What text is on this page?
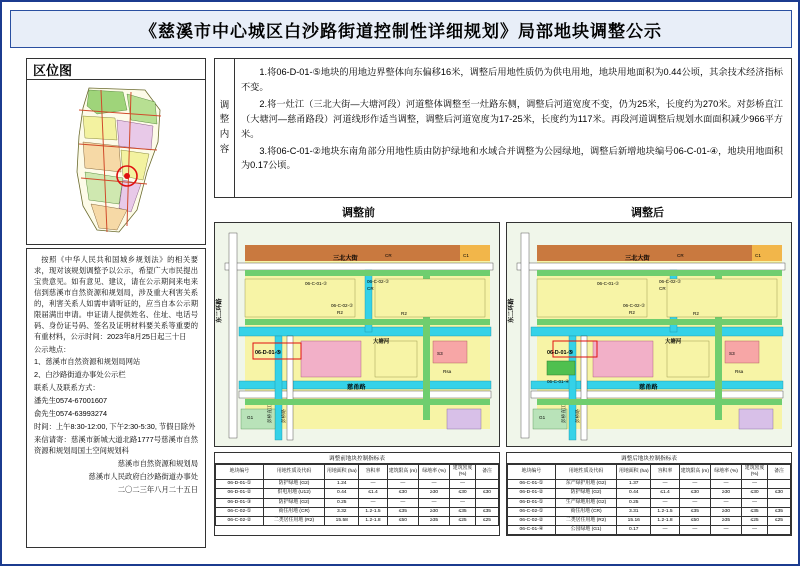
《慈溪市中心城区白沙路街道控制性详细规划》局部地块调整公示
区位图

按照《中华人民共和国城乡规划法》的相关要求，现对该规划调整予以公示，希望广大市民提出宝贵意见。如有意见、建议，请在公示期间来电来信到慈溪市自然资源和规划局，涉及重大利害关系的，利害关系人如需申请听证的，应当自本公示期限届满出申请。申证请人提供姓名、住址、电话号码、身份证号码、签名及证明材料要关系等重要的有重材料，公示时间：2023年8月25日起三十日

公示地点：

1、慈溪市自然资源和规划局网站

2、白沙路街道办事处公示栏

联系人及联系方式：

潘先生0574-67001607

俞先生0574-63993274

时间：上午8:30-12:00, 下午2:30-5:30, 节假日除外

来信请寄：慈溪市新城大道北路1777号慈溪市自然资源和规划局国土空间规划科

慈溪市自然资源和规划局

慈溪市人民政府白沙路街道办事处

二〇二三年八月二十五日

调
整
内
容

1.将06-D-01-⑤地块的用地边界整体向东偏移16米，调整后用地性质仍为供电用地，地块用地面积为0.44公顷，其余技术经济指标不变。

2.将一灶江（三北大街—大塘河段）河道整体调整至一灶路东侧，调整后河道宽度不变，仍为25米，长度约为270米。对彭桥直江（大塘河—慈甬路段）河道线形作适当调整，调整后河道宽度为17-25米，长度约为117米。再段河道调整后规划水面面积减少966平方米。

3.将06-C-01-②地块东南角部分用地性质由防护绿地和水域合并调整为公园绿地，调整后新增地块编号06-C-01-④，地块用地面积为0.17公顷。

调整前	调整后
三北大街
东二环路
大塘河
慈甬路
彭桥路
彭桥直江
CR	C1
06-C-01-②	06-C-02-②
CR
06-C-02-②
R2	R2
06-D-01-⑤	S3
Rsa
G1
三北大街
东二环路
大塘河
慈甬路
彭桥路
彭桥直江
CR	C1
06-C-01-②	06-C-02-②
CR
06-C-02-②
R2	R2
06-D-01-⑤
06-C-01-④
S3
Rsa
G1
调整前地块控制指标表
地块编号	用地性质及代码	用地面积 (ha)	容积率	建筑限高 (m)	绿地率 (%)	建筑密度 (%)	备注
06-D-01-①	防护绿地 (G2)	1.24	—	—	—	—	
06-D-01-②	供电用地 (U12)	0.44	≤1.4	≤30	≥30	≤30	≤30
06-D-01-③	防护绿地 (G2)	0.25	—	—	—	—	
06-C-02-①	商住用地 (CR)	3.32	1.2-1.5	≤35	≥30	≤35	≤35
06-C-02-②	二类居住用地 (R2)	15.58	1.2-1.8	≤50	≥35	≤25	≤25
调整后地块控制指标表
地块编号	用地性质及代码	用地面积 (ha)	容积率	建筑限高 (m)	绿地率 (%)	建筑密度 (%)	备注
06-C-01-①	东产绿护用地 (G2)	1.37	—	—	—	—	
06-D-01-②	防护绿地 (G2)	0.44	≤1.4	≤30	≥30	≤30	≤30
06-D-01-①	生产绿地用地 (G2)	0.25	—	—	—	—	
06-C-02-①	商住用地 (CR)	3.31	1.2-1.5	≤35	≥30	≤35	≤35
06-C-02-②	二类居住用地 (R2)	15.16	1.2-1.8	≤50	≥35	≤25	≤25
06-C-01-④	公园绿地 (G1)	0.17	—	—	—	—	
